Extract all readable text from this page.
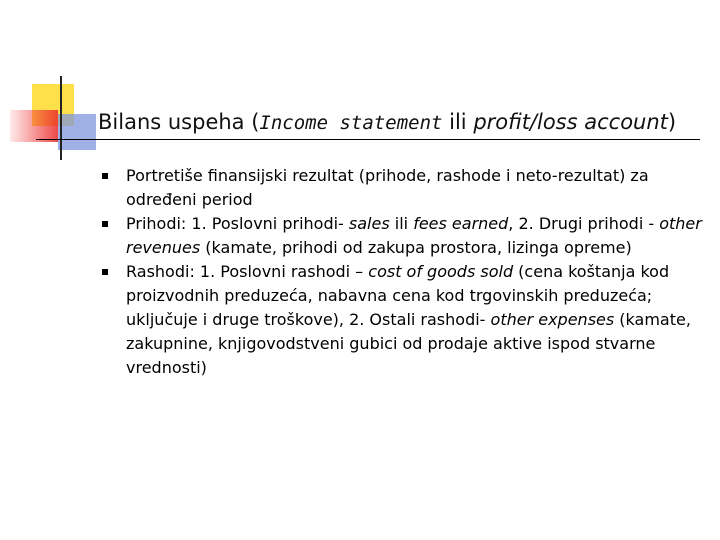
Bilans uspeha (Income statement ili profit/loss account)
Portretiše finansijski rezultat (prihode, rashode i neto-rezultat) za određeni period
Prihodi: 1. Poslovni prihodi- sales ili fees earned, 2. Drugi prihodi - other revenues (kamate, prihodi od zakupa prostora, lizinga opreme)
Rashodi: 1. Poslovni rashodi – cost of goods sold (cena koštanja kod proizvodnih preduzeća, nabavna cena kod trgovinskih preduzeća; uključuje i druge troškove), 2. Ostali rashodi- other expenses (kamate, zakupnine, knjigovodstveni gubici od prodaje aktive ispod stvarne vrednosti)
